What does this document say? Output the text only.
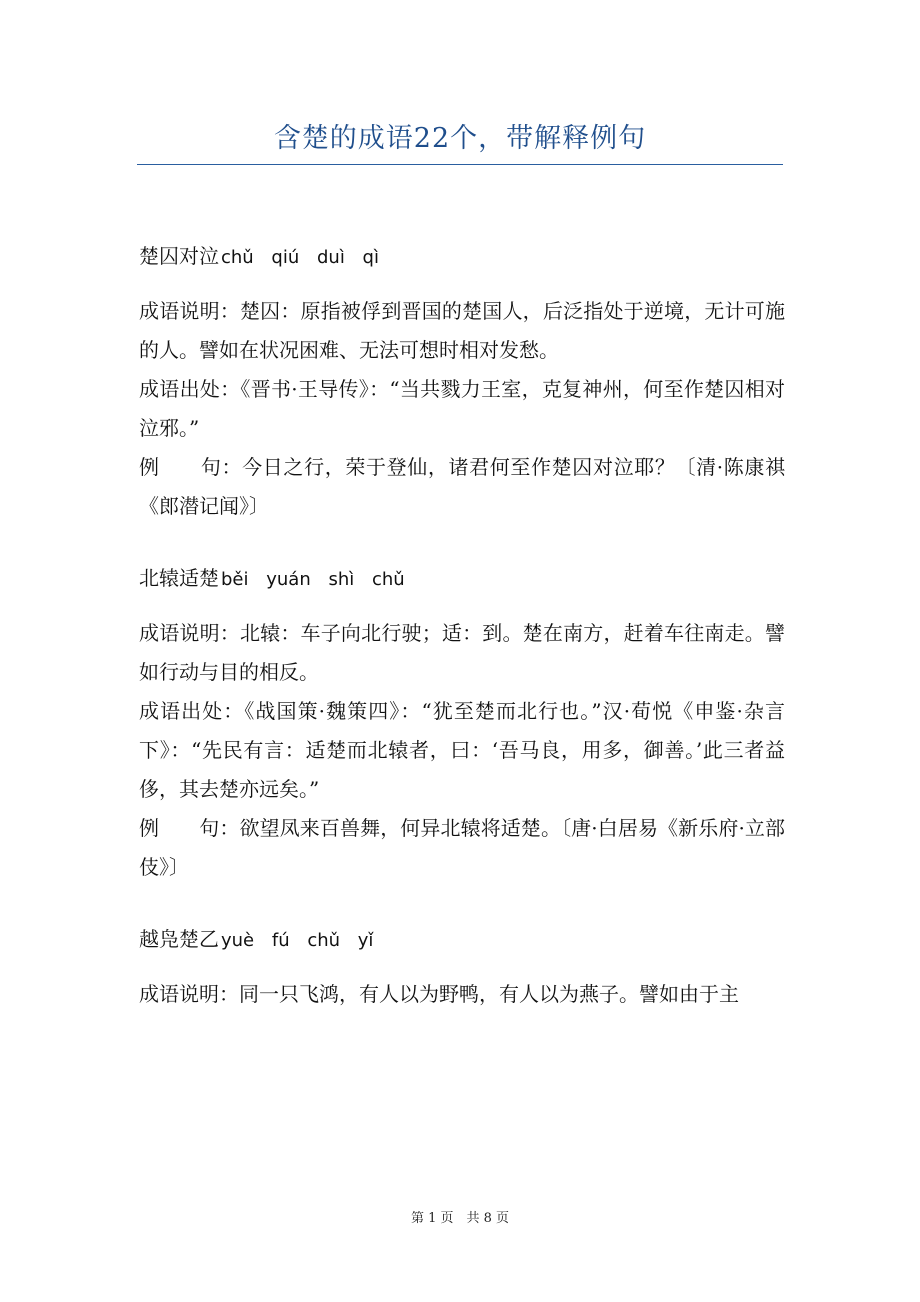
含楚的成语22个，带解释例句
楚囚对泣 chǔ qiú duì qì

成语说明：楚囚：原指被俘到晋国的楚国人，后泛指处于逆境，无计可施的人。譬如在状况困难、无法可想时相对发愁。

成语出处：《晋书·王导传》：“当共戮力王室，克复神州，何至作楚囚相对泣邪。”

例　　句：今日之行，荣于登仙，诸君何至作楚囚对泣耶？〔清·陈康祺《郎潜记闻》〕

北辕适楚 běi yuán shì chǔ

成语说明：北辕：车子向北行驶；适：到。楚在南方，赶着车往南走。譬如行动与目的相反。

成语出处：《战国策·魏策四》：“犹至楚而北行也。”汉·荀悦《申鉴·杂言下》：“先民有言：适楚而北辕者，曰：‘吾马良，用多，御善。’此三者益侈，其去楚亦远矣。”

例　　句：欲望凤来百兽舞，何异北辕将适楚。〔唐·白居易《新乐府·立部伎》〕

越凫楚乙 yuè fú chǔ yǐ

成语说明：同一只飞鸿，有人以为野鸭，有人以为燕子。譬如由于主

第 1 页　共 8 页
